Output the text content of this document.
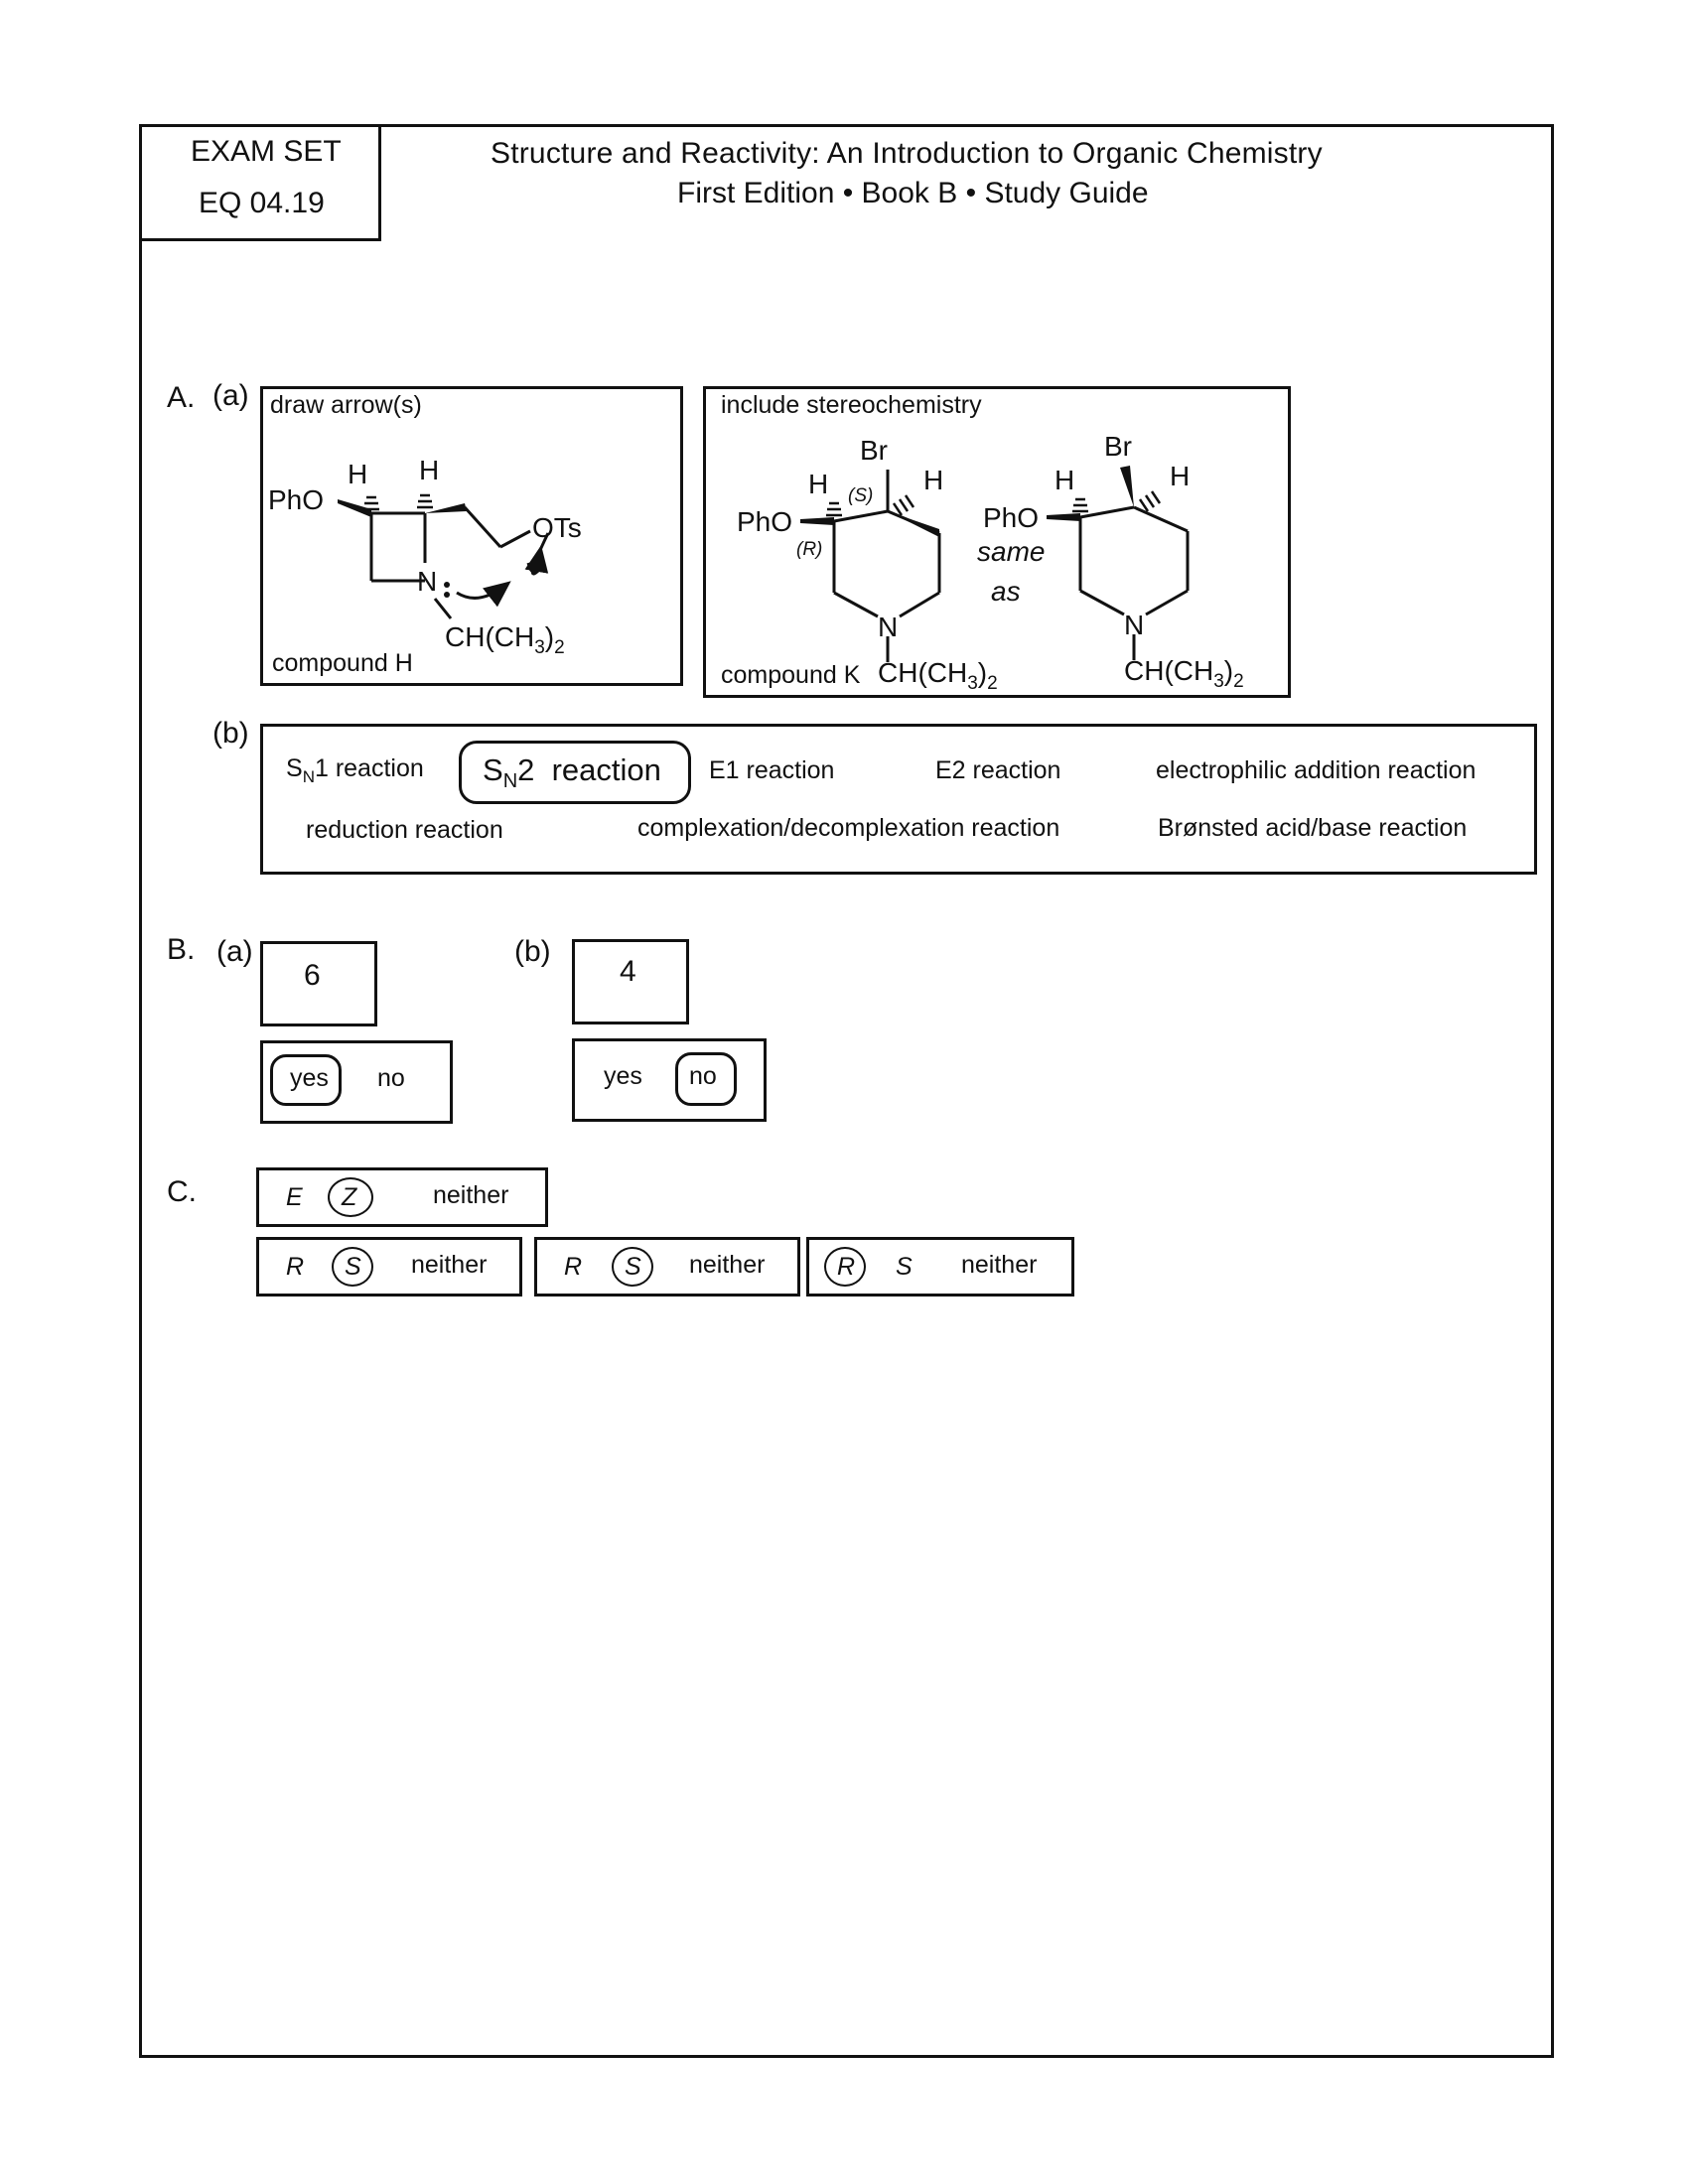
EXAM SET
EQ 04.19
Structure and Reactivity: An Introduction to Organic Chemistry
First Edition • Book B • Study Guide
A. (a) draw arrow(s)
compound H
PhO
H H
N
OTs
$CH(CH_3)_2$
include stereochemistry
compound K
Br
H	H
(S)
PhO
(R)
N
$CH(CH_3)_2$
same
as
Br
H	H
PhO
N
$CH(CH_3)_2$
(b)
$S_N1$ reaction $S_N2$  reaction E1 reaction	E2 reaction	electrophilic addition reaction
reduction reaction	complexation/decomplexation reaction	Brønsted acid/base reaction
B. (a)	(b)
6	4
yes no	yes no
C.	E Z	neither
R S neither	R S neither	R S neither
